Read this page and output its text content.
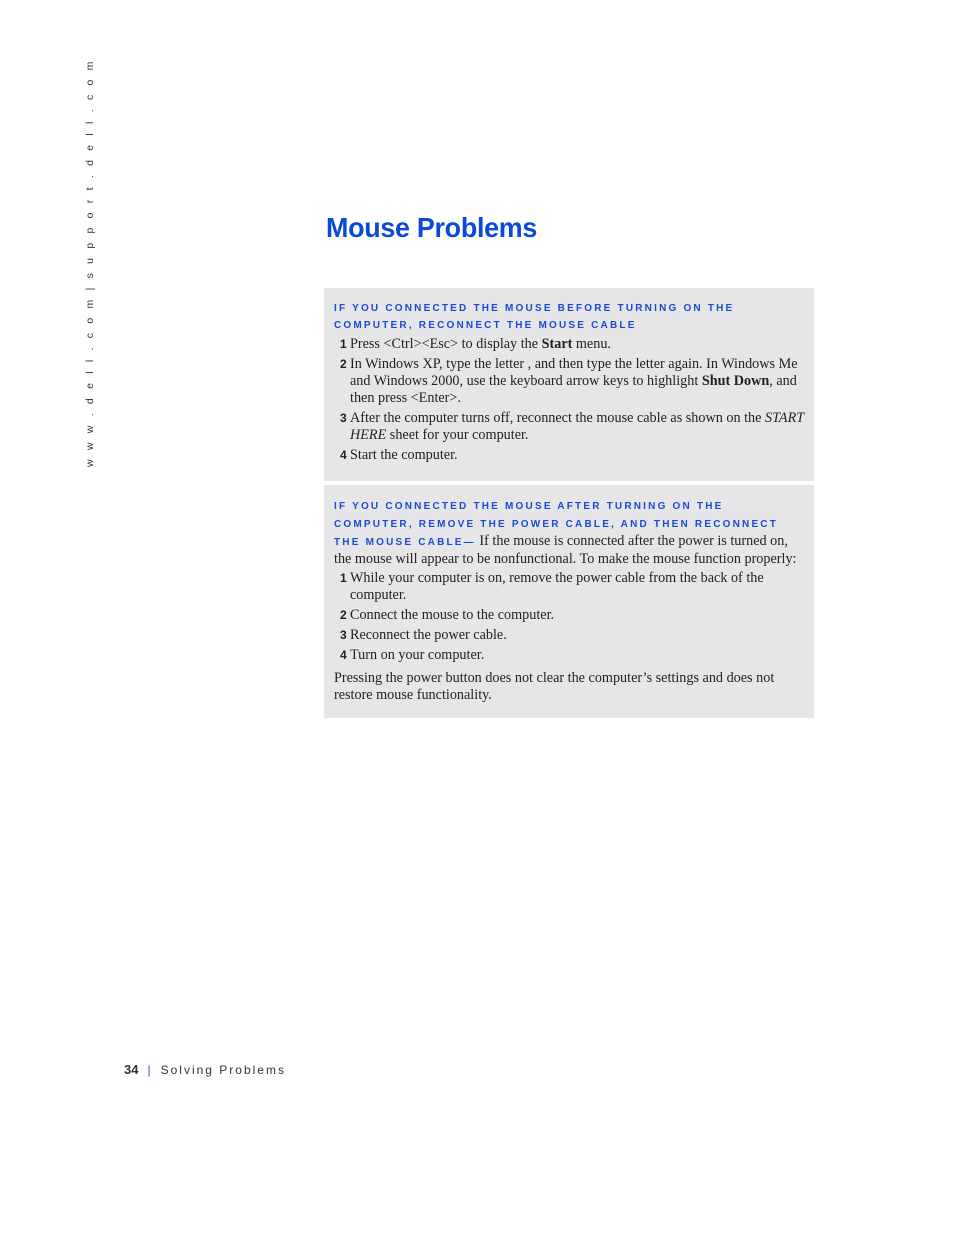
w w w . d e l l . c o m | s u p p o r t . d e l l . c o m	Mouse Problems
IF YOU CONNECTED THE MOUSE BEFORE TURNING ON THE COMPUTER, RECONNECT THE MOUSE CABLE
1 Press <Ctrl><Esc> to display the Start menu.
2 In Windows XP, type the letter , and then type the letter again. In Windows Me and Windows 2000, use the keyboard arrow keys to highlight Shut Down, and then press <Enter>.
3 After the computer turns off, reconnect the mouse cable as shown on the START HERE sheet for your computer.
4 Start the computer.
IF YOU CONNECTED THE MOUSE AFTER TURNING ON THE COMPUTER, REMOVE THE POWER CABLE, AND THEN RECONNECT THE MOUSE CABLE— If the mouse is connected after the power is turned on, the mouse will appear to be nonfunctional. To make the mouse function properly:
1 While your computer is on, remove the power cable from the back of the computer.
2 Connect the mouse to the computer.
3 Reconnect the power cable.
4 Turn on your computer.
Pressing the power button does not clear the computer’s settings and does not restore mouse functionality.
34 | Solving Problems
